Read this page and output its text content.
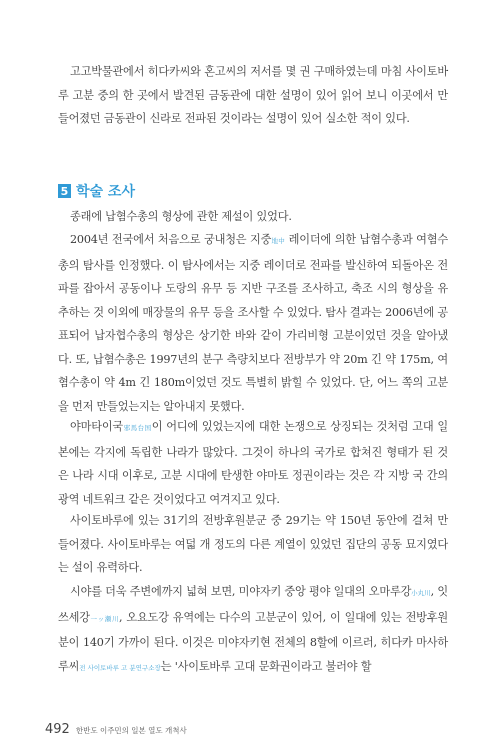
고고박물관에서 히다카씨와 혼고씨의 저서를 몇 권 구매하였는데 마침 사이토바루 고분 중의 한 곳에서 발견된 금동관에 대한 설명이 있어 읽어 보니 이곳에서 만들어졌던 금동관이 신라로 전파된 것이라는 설명이 있어 실소한 적이 있다.

5 학술 조사

종래에 납혐수총의 형상에 관한 제설이 있었다.

2004년 전국에서 처음으로 궁내청은 지중地中 레이더에 의한 납혐수총과 여혐수총의 탐사를 인정했다. 이 탐사에서는 지중 레이더로 전파를 발신하여 되돌아온 전파를 잡아서 공동이나 도랑의 유무 등 지반 구조를 조사하고, 축조 시의 형상을 유추하는 것 이외에 매장물의 유무 등을 조사할 수 있었다. 탐사 결과는 2006년에 공표되어 납자협수총의 형상은 상기한 바와 같이 가리비형 고분이었던 것을 알아냈다. 또, 납혐수총은 1997년의 분구 측량치보다 전방부가 약 20m 긴 약 175m, 여혐수총이 약 4m 긴 180m이었던 것도 특별히 밝힐 수 있었다. 단, 어느 쪽의 고분을 먼저 만들었는지는 알아내지 못했다.

야마타이국邪馬台国이 어디에 있었는지에 대한 논쟁으로 상징되는 것처럼 고대 일본에는 각지에 독립한 나라가 많았다. 그것이 하나의 국가로 합쳐진 형태가 된 것은 나라 시대 이후로, 고분 시대에 탄생한 야마토 정권이라는 것은 각 지방 국 간의 광역 네트워크 같은 것이었다고 여겨지고 있다.

사이토바루에 있는 31기의 전방후원분군 중 29기는 약 150년 동안에 걸쳐 만들어졌다. 사이토바루는 여덟 개 정도의 다른 계열이 있었던 집단의 공동 묘지였다는 설이 유력하다.

시야를 더욱 주변에까지 넓혀 보면, 미야자키 중앙 평야 일대의 오마루강小丸川, 잇쓰세강一ッ瀬川, 오요도강 유역에는 다수의 고분군이 있어, 이 일대에 있는 전방후원분이 140기 가까이 된다. 이것은 미야자키현 전체의 8할에 이르러, 히다카 마사하루씨전 사이토바루 고 분연구소장는 '사이토바루 고대 문화권이라고 불러야 할

492 한반도 이주민의 일본 열도 개척사
